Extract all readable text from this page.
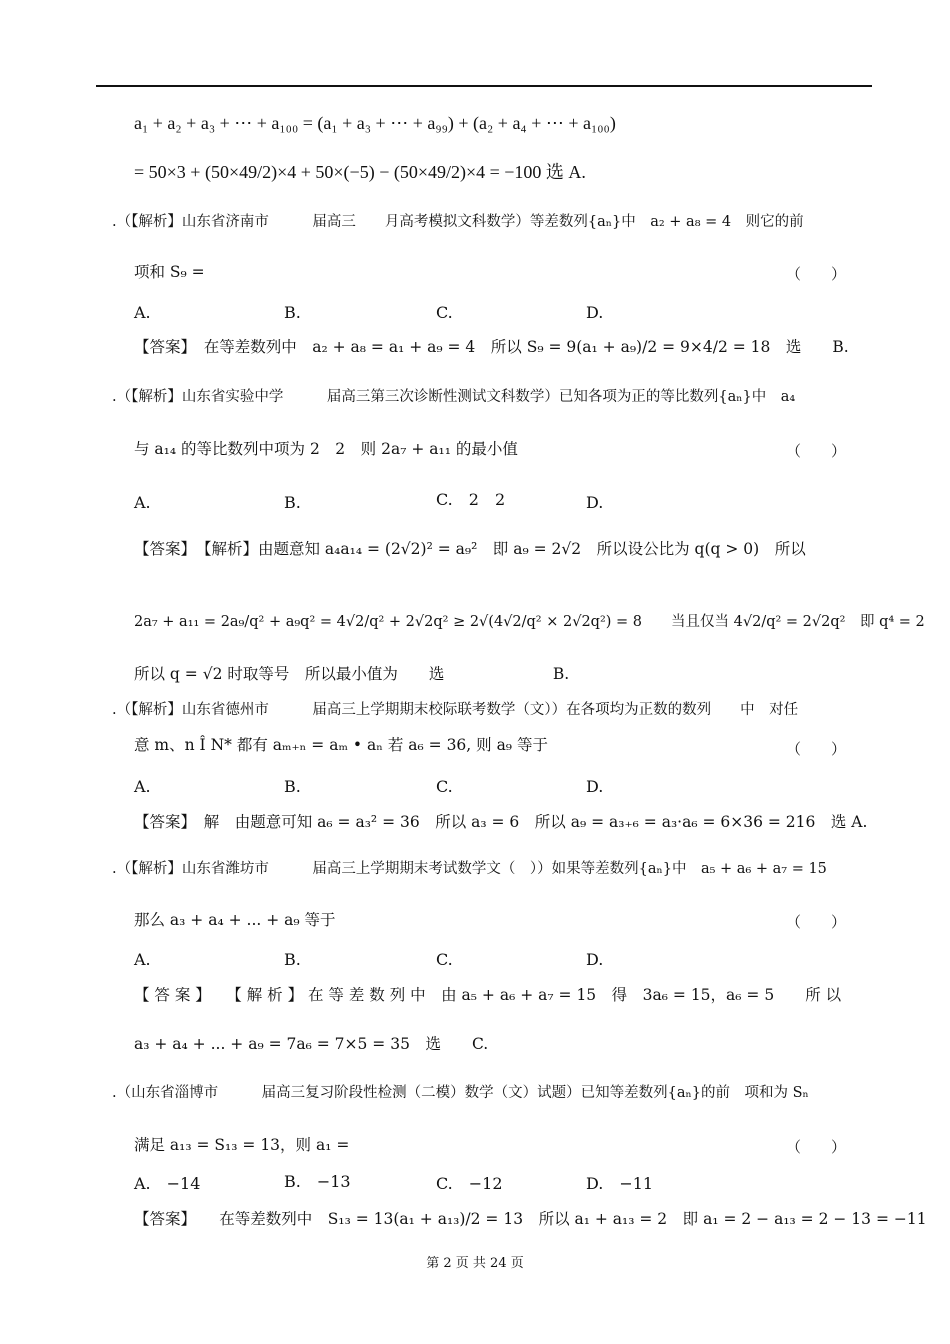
a₁ + a₂ + a₃ + ⋯ + a₁₀₀ = (a₁ + a₃ + ⋯ + a₉₉) + (a₂ + a₄ + ⋯ + a₁₀₀)
= 50×3 + (50×49/2)×4 + 50×(−5) − (50×49/2)×4 = −100 选 A.
.（【解析】山东省济南市　　　届高三　　月高考模拟文科数学）等差数列{aₙ}中　a₂ + a₈ = 4　则它的前
项和 S₉ =	（　　）
A.	B.	C.	D.
【答案】　在等差数列中　a₂ + a₈ = a₁ + a₉ = 4　所以 S₉ = 9(a₁ + a₉)/2 = 9×4/2 = 18　选　　B.
.（【解析】山东省实验中学　　　届高三第三次诊断性测试文科数学）已知各项为正的等比数列{aₙ}中　a₄
与 a₁₄ 的等比数列中项为 2　2　则 2a₇ + a₁₁ 的最小值	（　　）
A.	B.	C.　2　2	D.
【答案】　【解析】由题意知 a₄a₁₄ = (2√2)² = a₉²　即 a₉ = 2√2　所以设公比为 q(q > 0)　所以
2a₇ + a₁₁ = 2a₉/q² + a₉q² = 4√2/q² + 2√2q² ≥ 2√(4√2/q² × 2√2q²) = 8　　当且仅当 4√2/q² = 2√2q²　即 q⁴ = 2
所以 q = √2 时取等号　所以最小值为　　选　　　　　　　B.
.（【解析】山东省德州市　　　届高三上学期期末校际联考数学（文））在各项均为正数的数列　　中　对任
意 m、n Î N* 都有 aₘ₊ₙ = aₘ • aₙ 若 a₆ = 36, 则 a₉ 等于	（　　）
A.	B.	C.	D.
【答案】　解　由题意可知 a₆ = a₃² = 36　所以 a₃ = 6　所以 a₉ = a₃₊₆ = a₃·a₆ = 6×36 = 216　选 A.
.（【解析】山东省潍坊市　　　届高三上学期期末考试数学文（　））如果等差数列{aₙ}中　a₅ + a₆ + a₇ = 15
那么 a₃ + a₄ + ... + a₉ 等于	（　　）
A.	B.	C.	D.
【 答 案 】　　【 解 析 】 在 等 差 数 列 中　由 a₅ + a₆ + a₇ = 15　得　3a₆ = 15，a₆ = 5　　所 以
a₃ + a₄ + ... + a₉ = 7a₆ = 7×5 = 35　选　　C.
.（山东省淄博市　　　届高三复习阶段性检测（二模）数学（文）试题）已知等差数列{aₙ}的前　项和为 Sₙ
满足 a₁₃ = S₁₃ = 13，则 a₁ =	（　　）
A.　−14	B.　−13	C.　−12	D.　−11
【答案】　　在等差数列中　S₁₃ = 13(a₁ + a₁₃)/2 = 13　所以 a₁ + a₁₃ = 2　即 a₁ = 2 − a₁₃ = 2 − 13 = −11
第 2 页 共 24 页
